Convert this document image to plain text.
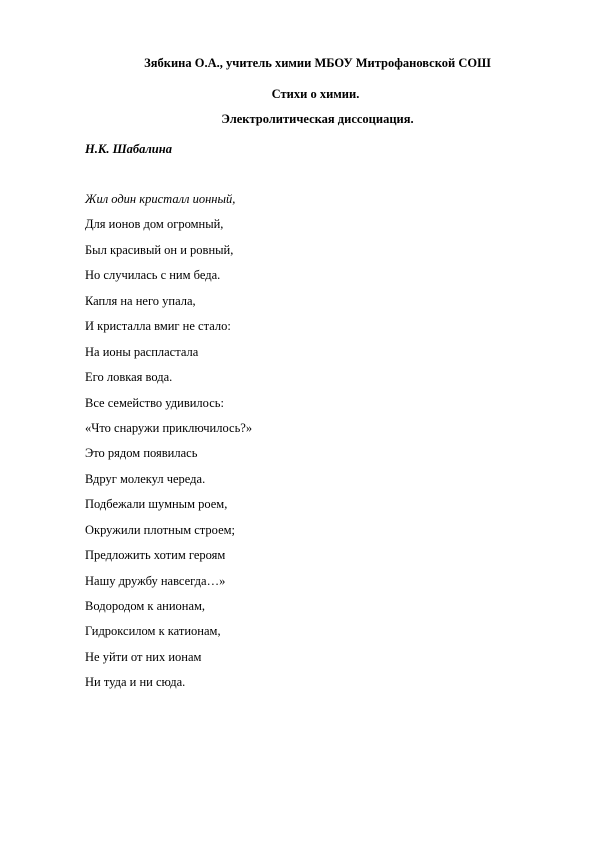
Зябкина О.А., учитель химии МБОУ Митрофановской СОШ
Стихи о химии.
Электролитическая диссоциация.
Н.К. Шабалина
Жил один кристалл ионный,
Для ионов дом огромный,
Был красивый он и ровный,
Но случилась с ним беда.
Капля на него упала,
И кристалла вмиг не стало:
На ионы распластала
Его ловкая вода.
Все семейство удивилось:
«Что снаружи приключилось?»
Это рядом появилась
Вдруг молекул череда.
Подбежали шумным роем,
Окружили плотным строем;
Предложить хотим героям
Нашу дружбу навсегда…»
Водородом к анионам,
Гидроксилом к катионам,
Не уйти от них ионам
Ни туда и ни сюда.
